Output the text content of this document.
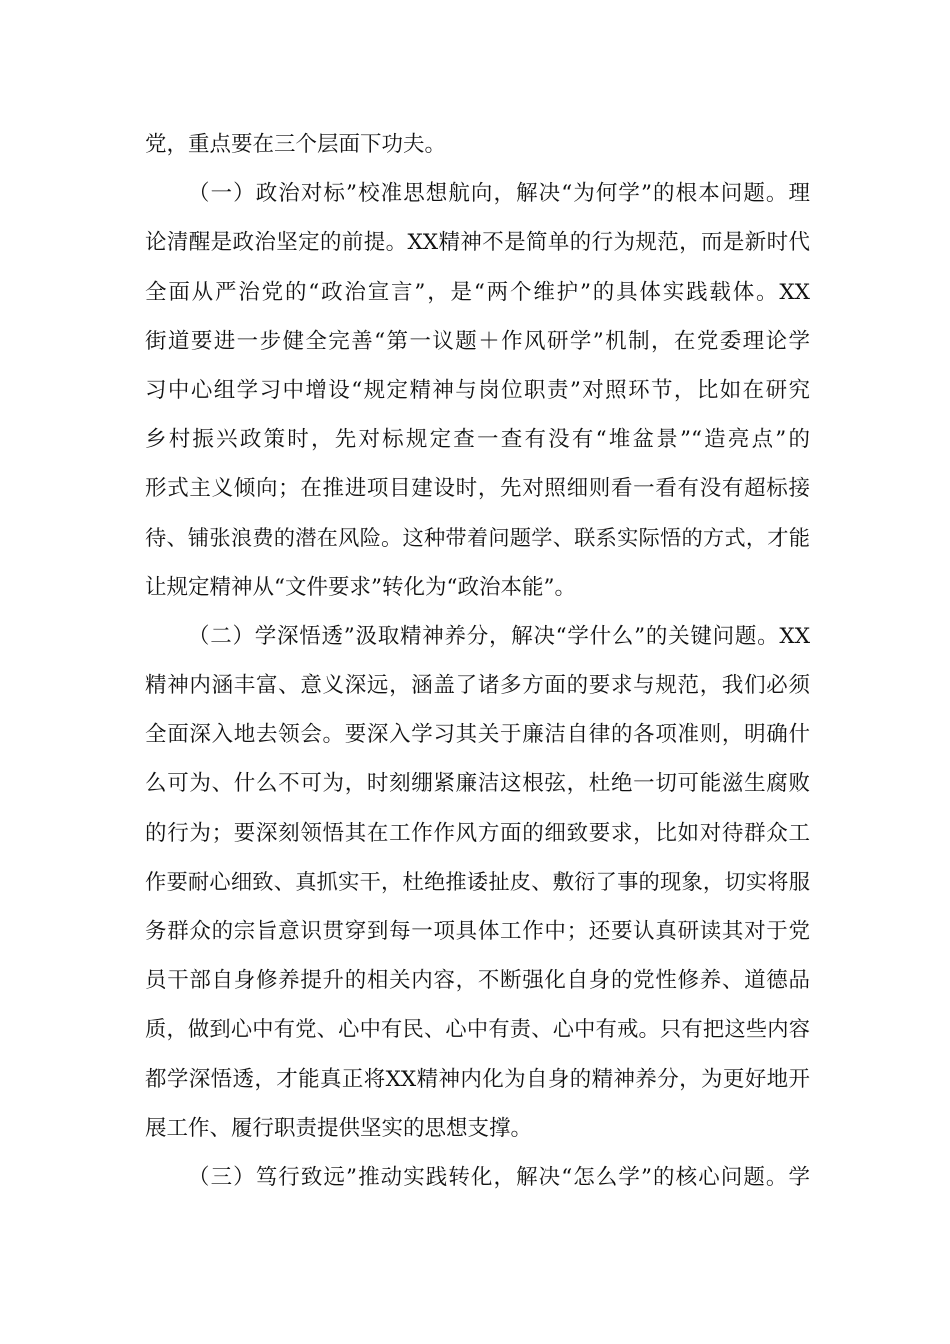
党，重点要在三个层面下功夫。
（一）政治对标”校准思想航向，解决“为何学”的根本问题。理
论清醒是政治坚定的前提。XX精神不是简单的行为规范，而是新时代
全面从严治党的“政治宣言”，是“两个维护”的具体实践载体。XX
街道要进一步健全完善“第一议题＋作风研学”机制，在党委理论学
习中心组学习中增设“规定精神与岗位职责”对照环节，比如在研究
乡村振兴政策时，先对标规定查一查有没有“堆盆景”“造亮点”的
形式主义倾向；在推进项目建设时，先对照细则看一看有没有超标接
待、铺张浪费的潜在风险。这种带着问题学、联系实际悟的方式，才能
让规定精神从“文件要求”转化为“政治本能”。
（二）学深悟透”汲取精神养分，解决“学什么”的关键问题。XX
精神内涵丰富、意义深远，涵盖了诸多方面的要求与规范，我们必须
全面深入地去领会。要深入学习其关于廉洁自律的各项准则，明确什
么可为、什么不可为，时刻绷紧廉洁这根弦，杜绝一切可能滋生腐败
的行为；要深刻领悟其在工作作风方面的细致要求，比如对待群众工
作要耐心细致、真抓实干，杜绝推诿扯皮、敷衍了事的现象，切实将服
务群众的宗旨意识贯穿到每一项具体工作中；还要认真研读其对于党
员干部自身修养提升的相关内容，不断强化自身的党性修养、道德品
质，做到心中有党、心中有民、心中有责、心中有戒。只有把这些内容
都学深悟透，才能真正将XX精神内化为自身的精神养分，为更好地开
展工作、履行职责提供坚实的思想支撑。
（三）笃行致远”推动实践转化，解决“怎么学”的核心问题。学
